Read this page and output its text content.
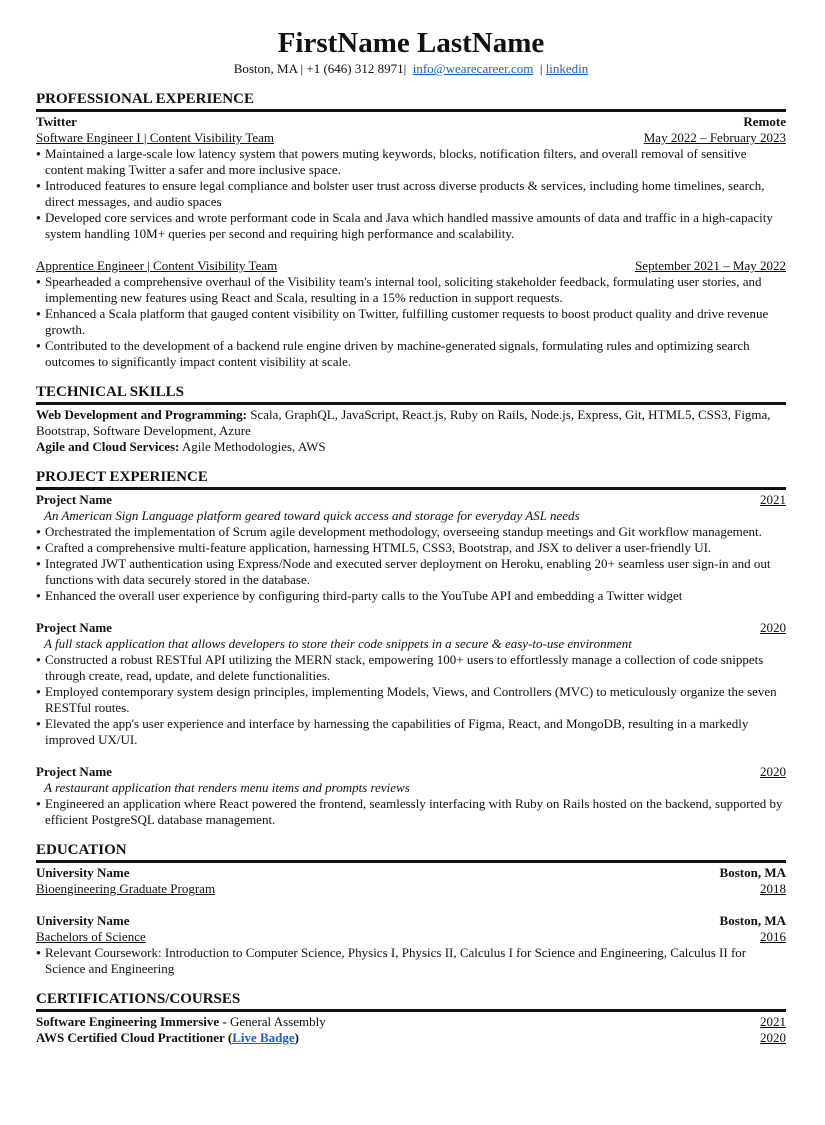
FirstName LastName
Boston, MA | +1 (646) 312 8971| info@wearecareer.com | linkedin
PROFESSIONAL EXPERIENCE
Twitter	Remote
Software Engineer I | Content Visibility Team	May 2022 – February 2023
● Maintained a large-scale low latency system that powers muting keywords, blocks, notification filters, and overall removal of sensitive content making Twitter a safer and more inclusive space.
● Introduced features to ensure legal compliance and bolster user trust across diverse products & services, including home timelines, search, direct messages, and audio spaces
● Developed core services and wrote performant code in Scala and Java which handled massive amounts of data and traffic in a high-capacity system handling 10M+ queries per second and requiring high performance and scalability.
Apprentice Engineer | Content Visibility Team	September 2021 – May 2022
● Spearheaded a comprehensive overhaul of the Visibility team's internal tool, soliciting stakeholder feedback, formulating user stories, and implementing new features using React and Scala, resulting in a 15% reduction in support requests.
● Enhanced a Scala platform that gauged content visibility on Twitter, fulfilling customer requests to boost product quality and drive revenue growth.
● Contributed to the development of a backend rule engine driven by machine-generated signals, formulating rules and optimizing search outcomes to significantly impact content visibility at scale.
TECHNICAL SKILLS
Web Development and Programming: Scala, GraphQL, JavaScript, React.js, Ruby on Rails, Node.js, Express, Git, HTML5, CSS3, Figma, Bootstrap, Software Development, Azure
Agile and Cloud Services: Agile Methodologies, AWS
PROJECT EXPERIENCE
Project Name	2021
An American Sign Language platform geared toward quick access and storage for everyday ASL needs
● Orchestrated the implementation of Scrum agile development methodology, overseeing standup meetings and Git workflow management.
● Crafted a comprehensive multi-feature application, harnessing HTML5, CSS3, Bootstrap, and JSX to deliver a user-friendly UI.
● Integrated JWT authentication using Express/Node and executed server deployment on Heroku, enabling 20+ seamless user sign-in and out functions with data securely stored in the database.
● Enhanced the overall user experience by configuring third-party calls to the YouTube API and embedding a Twitter widget
Project Name	2020
A full stack application that allows developers to store their code snippets in a secure & easy-to-use environment
● Constructed a robust RESTful API utilizing the MERN stack, empowering 100+ users to effortlessly manage a collection of code snippets through create, read, update, and delete functionalities.
● Employed contemporary system design principles, implementing Models, Views, and Controllers (MVC) to meticulously organize the seven RESTful routes.
● Elevated the app's user experience and interface by harnessing the capabilities of Figma, React, and MongoDB, resulting in a markedly improved UX/UI.
Project Name	2020
A restaurant application that renders menu items and prompts reviews
● Engineered an application where React powered the frontend, seamlessly interfacing with Ruby on Rails hosted on the backend, supported by efficient PostgreSQL database management.
EDUCATION
University Name	Boston, MA
Bioengineering Graduate Program	2018
University Name	Boston, MA
Bachelors of Science	2016
● Relevant Coursework: Introduction to Computer Science, Physics I, Physics II, Calculus I for Science and Engineering, Calculus II for Science and Engineering
CERTIFICATIONS/COURSES
Software Engineering Immersive - General Assembly	2021
AWS Certified Cloud Practitioner (Live Badge)	2020
